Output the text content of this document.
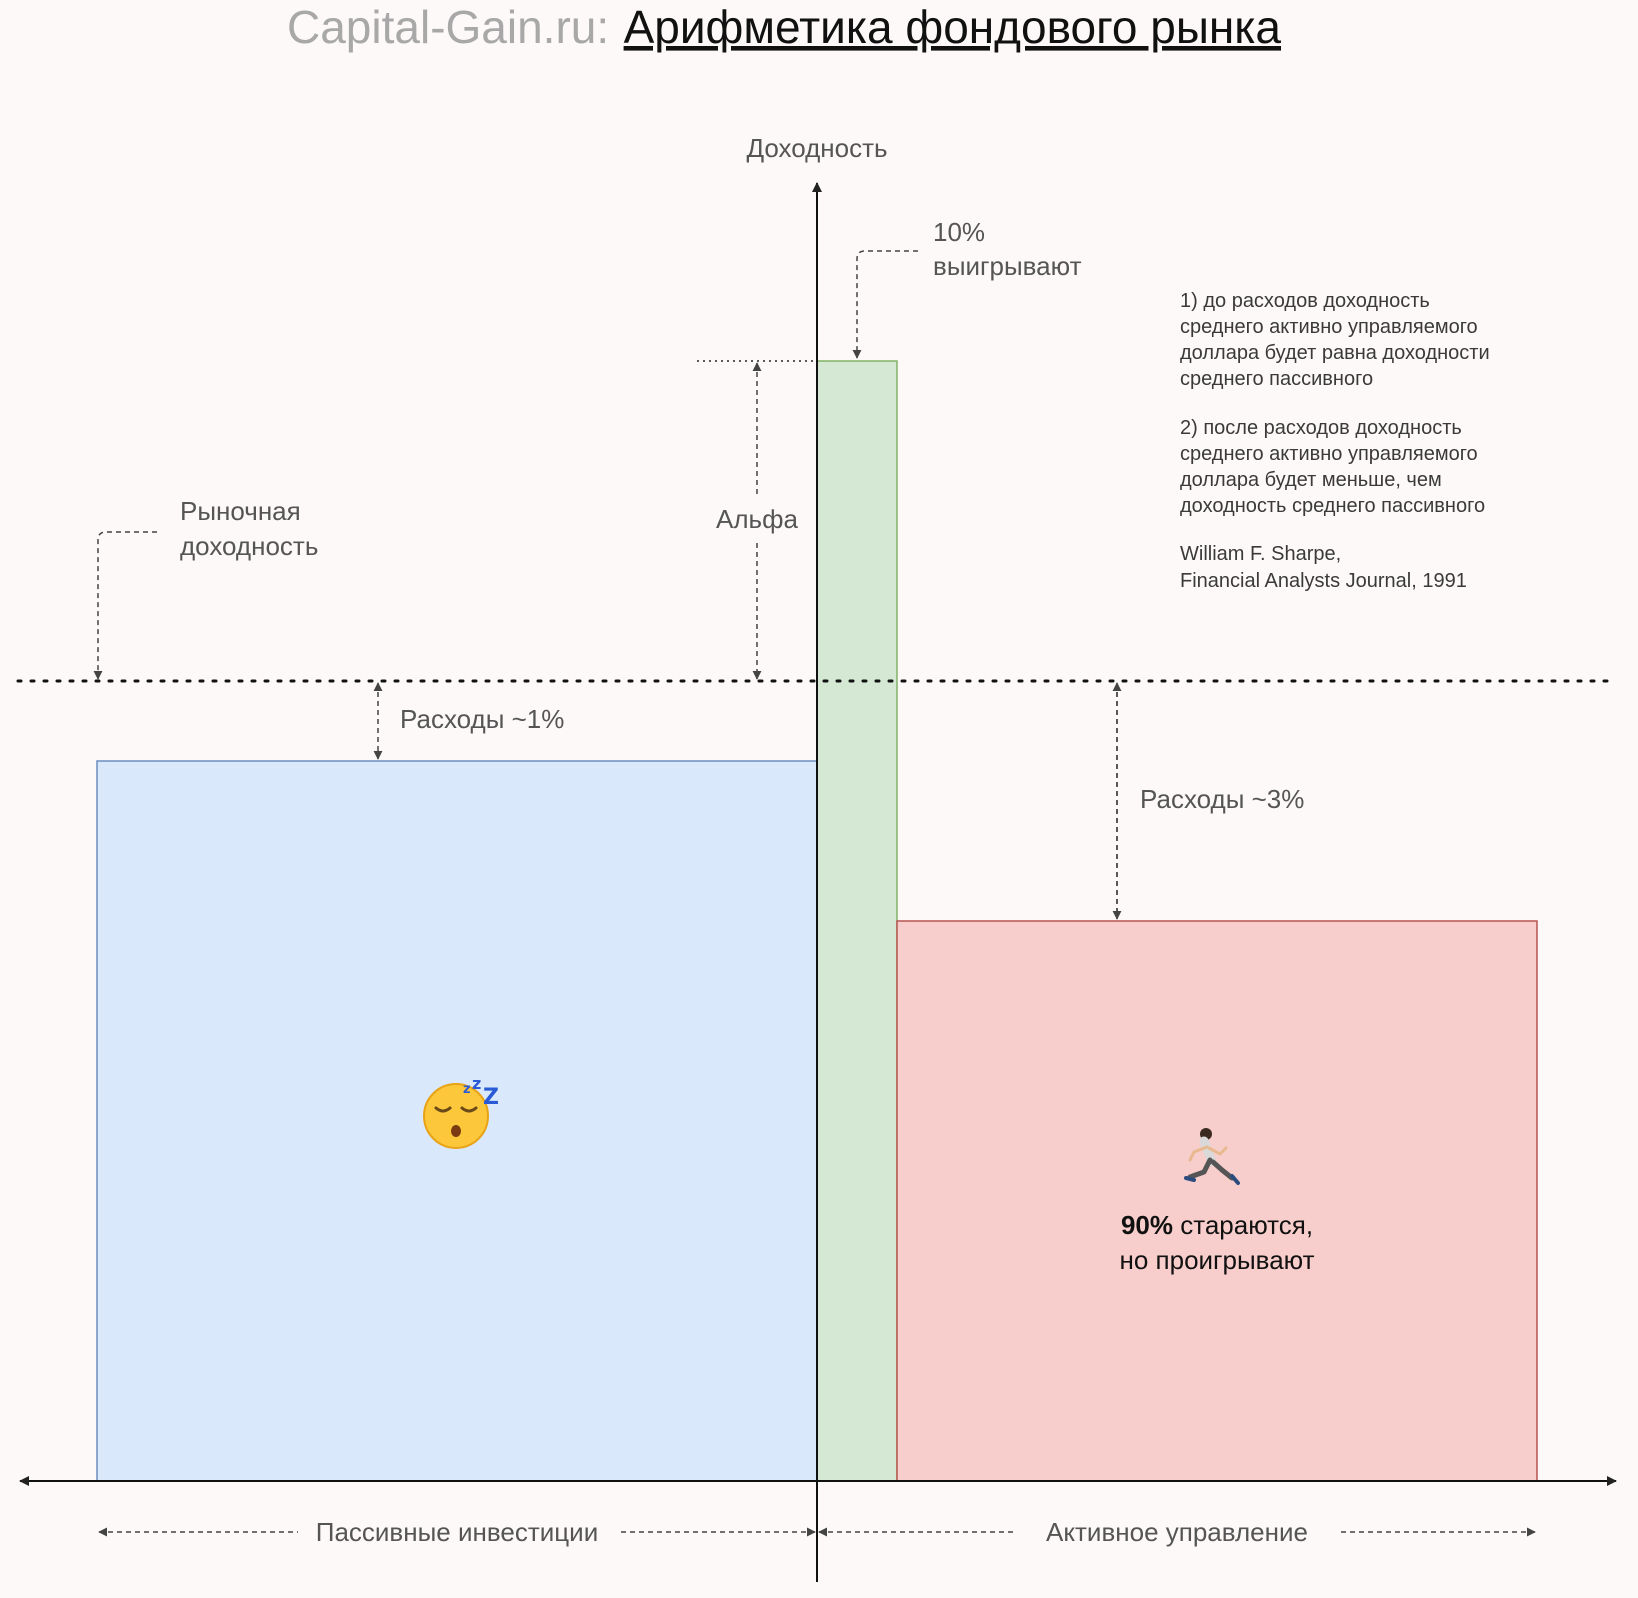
Capital-Gain.ru: Арифметика фондового рынка
Доходность
10%
выигрывают
Рыночная
доходность
Альфа
Расходы ~1%
Расходы ~3%
1) до расходов доходность
среднего активно управляемого
доллара будет равна доходности
среднего пассивного
2) после расходов доходность
среднего активно управляемого
доллара будет меньше, чем
доходность среднего пассивного
William F. Sharpe,
Financial Analysts Journal, 1991
z z
Z
90% стараются,
но проигрывают
Пассивные инвестиции	Активное управление
